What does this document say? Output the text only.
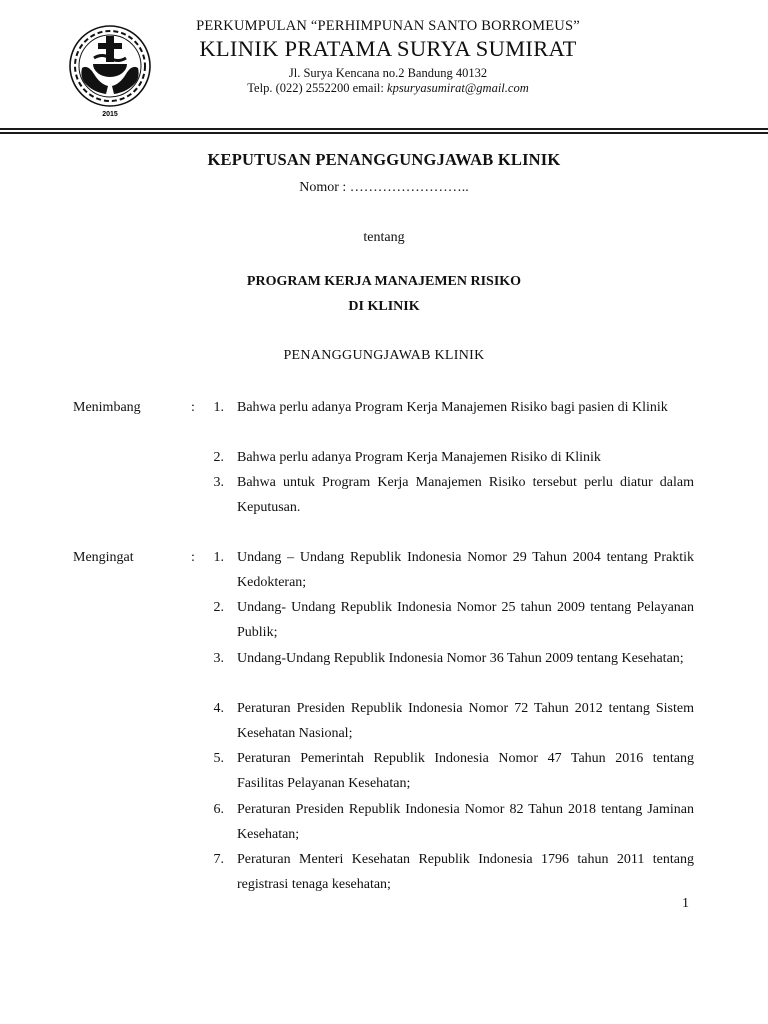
2015
PERKUMPULAN “PERHIMPUNAN SANTO BORROMEUS”
KLINIK PRATAMA SURYA SUMIRAT
Jl. Surya Kencana no.2 Bandung 40132
Telp. (022) 2552200 email: kpsuryasumirat@gmail.com
KEPUTUSAN PENANGGUNGJAWAB KLINIK
Nomor : ……………………..
tentang
PROGRAM KERJA MANAJEMEN RISIKO
DI KLINIK
PENANGGUNGJAWAB KLINIK
Menimbang	:	1. Bahwa perlu adanya Program Kerja Manajemen Risiko bagi pasien di Klinik
2. Bahwa perlu adanya Program Kerja Manajemen Risiko di Klinik
3. Bahwa untuk Program Kerja Manajemen Risiko tersebut perlu diatur dalam Keputusan.
Mengingat	:	1. Undang – Undang Republik Indonesia Nomor 29 Tahun 2004 tentang Praktik Kedokteran;
2. Undang- Undang Republik Indonesia Nomor 25 tahun 2009 tentang Pelayanan Publik;
3. Undang-Undang Republik Indonesia Nomor 36 Tahun 2009 tentang Kesehatan;
4. Peraturan Presiden Republik Indonesia Nomor 72 Tahun 2012 tentang Sistem Kesehatan Nasional;
5. Peraturan Pemerintah Republik Indonesia Nomor 47 Tahun 2016 tentang Fasilitas Pelayanan Kesehatan;
6. Peraturan Presiden Republik Indonesia Nomor 82 Tahun 2018 tentang Jaminan Kesehatan;
7. Peraturan Menteri Kesehatan Republik Indonesia 1796 tahun 2011 tentang registrasi tenaga kesehatan;
1
